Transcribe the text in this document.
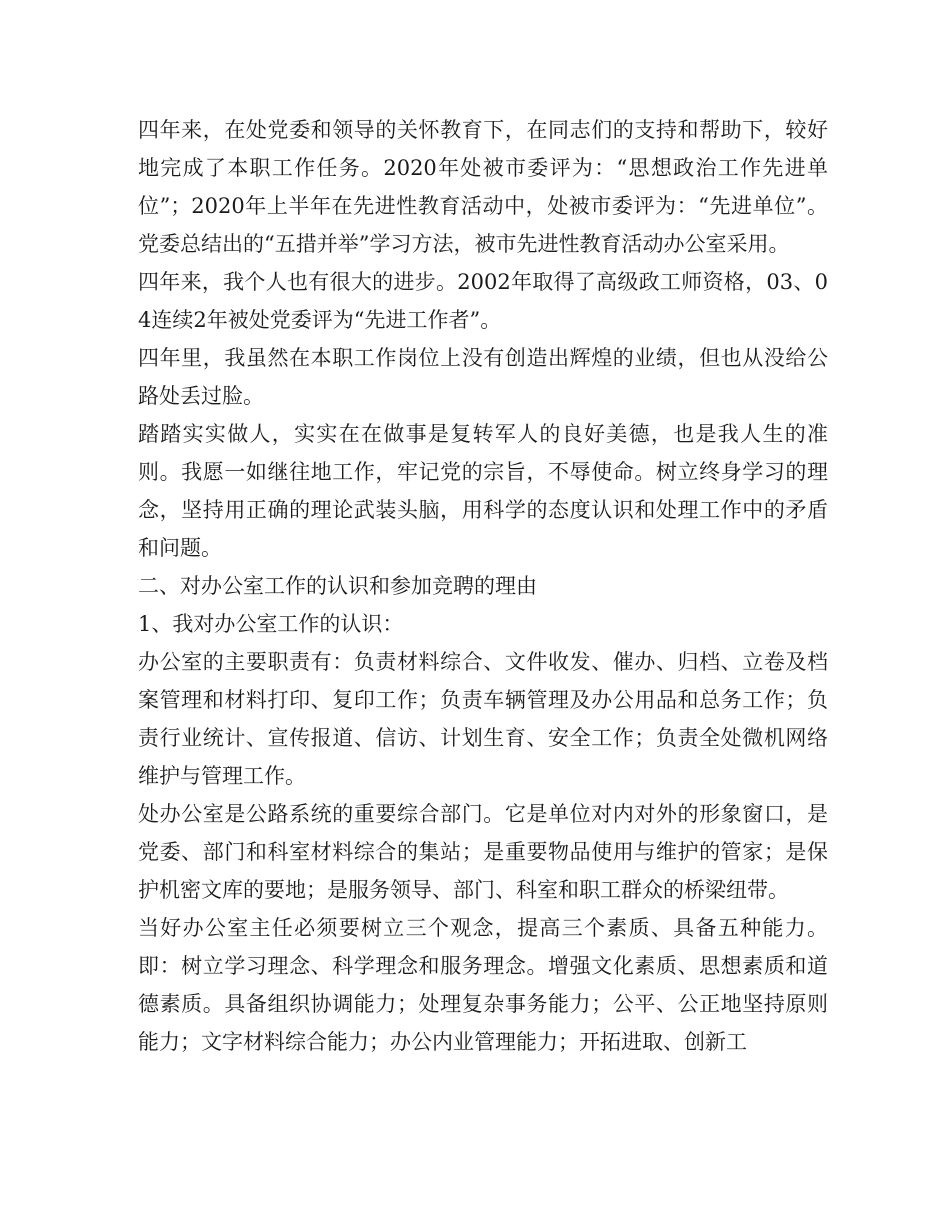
四年来，在处党委和领导的关怀教育下，在同志们的支持和帮助下，较好地完成了本职工作任务。2020年处被市委评为：“思想政治工作先进单位”；2020年上半年在先进性教育活动中，处被市委评为：“先进单位”。党委总结出的“五措并举”学习方法，被市先进性教育活动办公室采用。

四年来，我个人也有很大的进步。2002年取得了高级政工师资格，03、04连续2年被处党委评为“先进工作者”。

四年里，我虽然在本职工作岗位上没有创造出辉煌的业绩，但也从没给公路处丢过脸。

踏踏实实做人，实实在在做事是复转军人的良好美德，也是我人生的准则。我愿一如继往地工作，牢记党的宗旨，不辱使命。树立终身学习的理念，坚持用正确的理论武装头脑，用科学的态度认识和处理工作中的矛盾和问题。

二、对办公室工作的认识和参加竞聘的理由

1、我对办公室工作的认识：

办公室的主要职责有：负责材料综合、文件收发、催办、归档、立卷及档案管理和材料打印、复印工作；负责车辆管理及办公用品和总务工作；负责行业统计、宣传报道、信访、计划生育、安全工作；负责全处微机网络维护与管理工作。

处办公室是公路系统的重要综合部门。它是单位对内对外的形象窗口，是党委、部门和科室材料综合的集站；是重要物品使用与维护的管家；是保护机密文库的要地；是服务领导、部门、科室和职工群众的桥梁纽带。

当好办公室主任必须要树立三个观念，提高三个素质、具备五种能力。即：树立学习理念、科学理念和服务理念。增强文化素质、思想素质和道德素质。具备组织协调能力；处理复杂事务能力；公平、公正地坚持原则能力；文字材料综合能力；办公内业管理能力；开拓进取、创新工
